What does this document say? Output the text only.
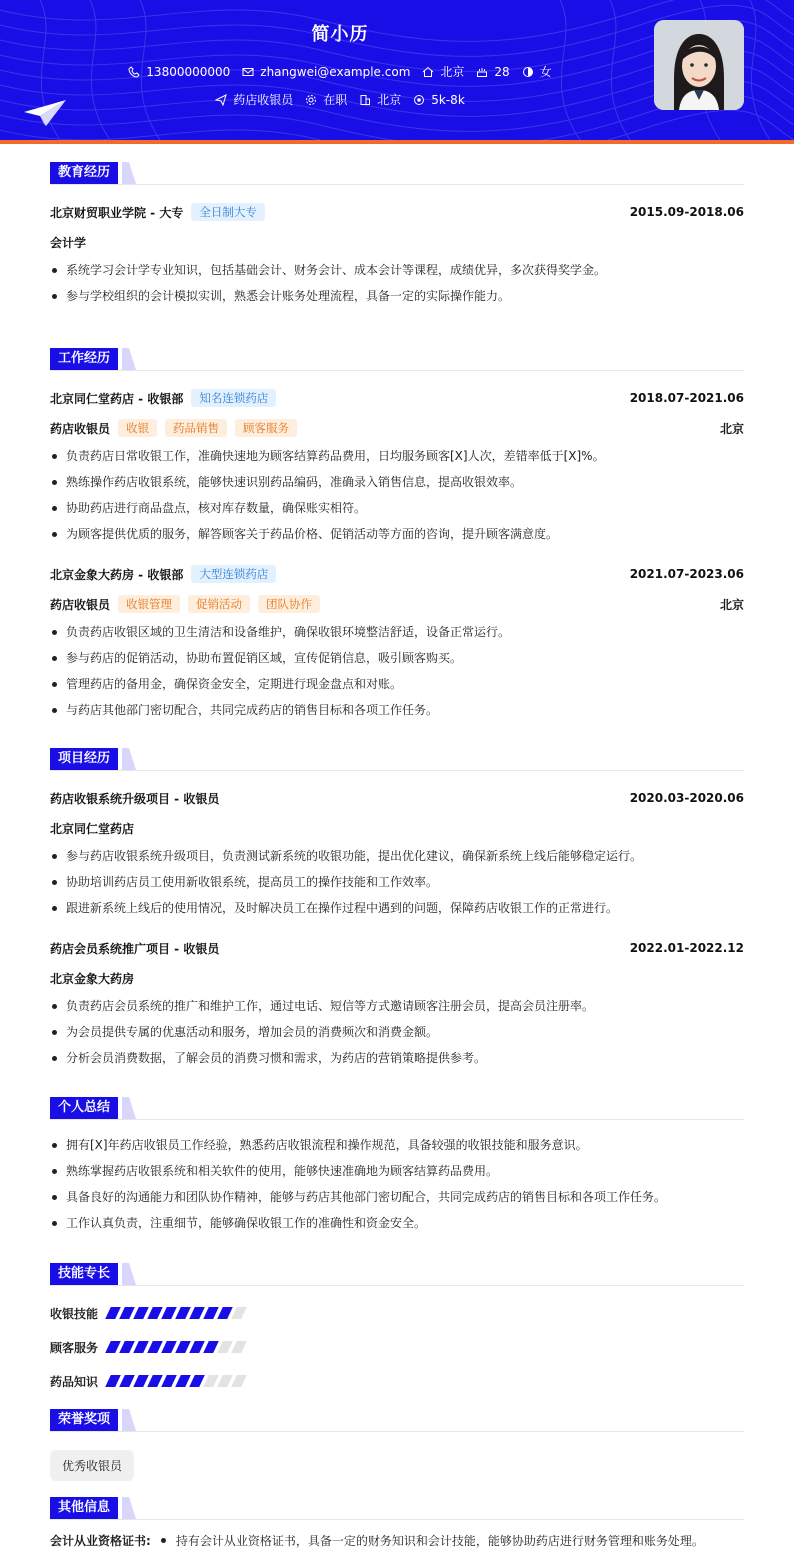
简小历
13800000000	zhangwei@example.com	北京	28	女
药店收银员	在职	北京	5k-8k
教育经历
北京财贸职业学院 - 大专	全日制大专	2015.09-2018.06
会计学
系统学习会计学专业知识，包括基础会计、财务会计、成本会计等课程，成绩优异，多次获得奖学金。
参与学校组织的会计模拟实训，熟悉会计账务处理流程，具备一定的实际操作能力。
工作经历
北京同仁堂药店 - 收银部	知名连锁药店	2018.07-2021.06
药店收银员	收银	药品销售	顾客服务	北京
负责药店日常收银工作，准确快速地为顾客结算药品费用，日均服务顾客[X]人次，差错率低于[X]%。
熟练操作药店收银系统，能够快速识别药品编码，准确录入销售信息，提高收银效率。
协助药店进行商品盘点，核对库存数量，确保账实相符。
为顾客提供优质的服务，解答顾客关于药品价格、促销活动等方面的咨询，提升顾客满意度。
北京金象大药房 - 收银部	大型连锁药店	2021.07-2023.06
药店收银员	收银管理	促销活动	团队协作	北京
负责药店收银区域的卫生清洁和设备维护，确保收银环境整洁舒适，设备正常运行。
参与药店的促销活动，协助布置促销区域，宣传促销信息，吸引顾客购买。
管理药店的备用金，确保资金安全，定期进行现金盘点和对账。
与药店其他部门密切配合，共同完成药店的销售目标和各项工作任务。
项目经历
药店收银系统升级项目 - 收银员	2020.03-2020.06
北京同仁堂药店
参与药店收银系统升级项目，负责测试新系统的收银功能，提出优化建议，确保新系统上线后能够稳定运行。
协助培训药店员工使用新收银系统，提高员工的操作技能和工作效率。
跟进新系统上线后的使用情况，及时解决员工在操作过程中遇到的问题，保障药店收银工作的正常进行。
药店会员系统推广项目 - 收银员	2022.01-2022.12
北京金象大药房
负责药店会员系统的推广和维护工作，通过电话、短信等方式邀请顾客注册会员，提高会员注册率。
为会员提供专属的优惠活动和服务，增加会员的消费频次和消费金额。
分析会员消费数据，了解会员的消费习惯和需求，为药店的营销策略提供参考。
个人总结
拥有[X]年药店收银员工作经验，熟悉药店收银流程和操作规范，具备较强的收银技能和服务意识。
熟练掌握药店收银系统和相关软件的使用，能够快速准确地为顾客结算药品费用。
具备良好的沟通能力和团队协作精神，能够与药店其他部门密切配合，共同完成药店的销售目标和各项工作任务。
工作认真负责，注重细节，能够确保收银工作的准确性和资金安全。
技能专长
收银技能
顾客服务
药品知识
荣誉奖项
优秀收银员
其他信息
会计从业资格证书: 持有会计从业资格证书，具备一定的财务知识和会计技能，能够协助药店进行财务管理和账务处理。
